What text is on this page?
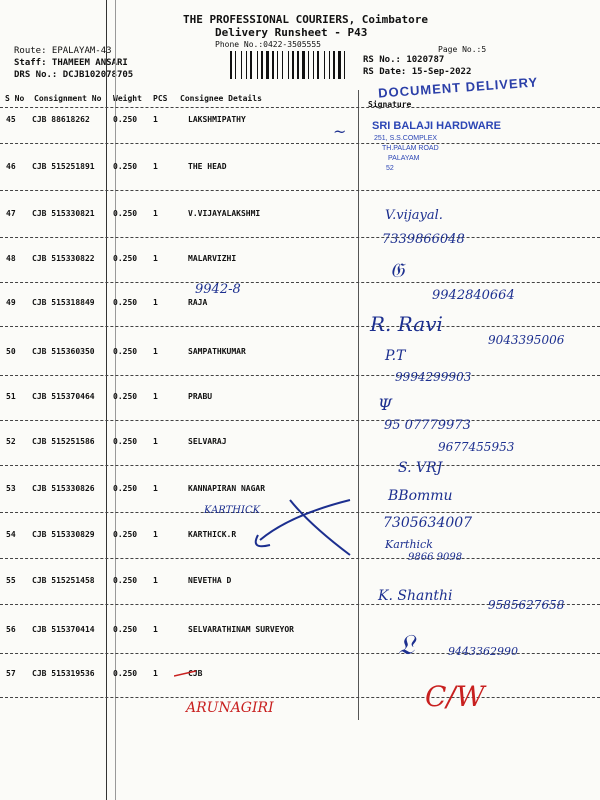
THE PROFESSIONAL COURIERS, Coimbatore
Delivery Runsheet - P43
Phone No.:0422-3505555
Page No.:5
Route: EPALAYAM-43
Staff: THAMEEM ANSARI
DRS No.: DCJB102078705
RS No.: 1020787
RS Date: 15-Sep-2022
S No Consignment No Weight PCS Consignee Details
Signature
45 CJB 88618262	0.250 1	LAKSHMIPATHY
46 CJB 515251891 0.250 1	THE HEAD
47 CJB 515330821 0.250 1	V.VIJAYALAKSHMI
48 CJB 515330822 0.250 1	MALARVIZHI
49 CJB 515318849 0.250 1	RAJA
50 CJB 515360350 0.250 1	SAMPATHKUMAR
51 CJB 515370464 0.250 1	PRABU
52 CJB 515251586 0.250 1	SELVARAJ
53 CJB 515330826 0.250 1	KANNAPIRAN NAGAR
54 CJB 515330829 0.250 1	KARTHICK.R
55 CJB 515251458 0.250 1	NEVETHA D
56 CJB 515370414 0.250 1	SELVARATHINAM SURVEYOR
57 CJB 515319536 0.250 1	CJB
DOCUMENT DELIVERY
SRI BALAJI HARDWARE
251, S.S.COMPLEX
TH.PALAM ROAD
PALAYAM
52
~
V.vijayal.
7339866048
𝔊
9942-8	9942840664
R. Ravi
9043395006
P.T
9994299903
Ψ
95 07779973
9677455953
S. VRJ
KARTHICK
BBommu
7305634007
Karthick
9866 9098
K. Shanthi
9585627658
𝔏	9443362990
ARUNAGIRI	C/W
